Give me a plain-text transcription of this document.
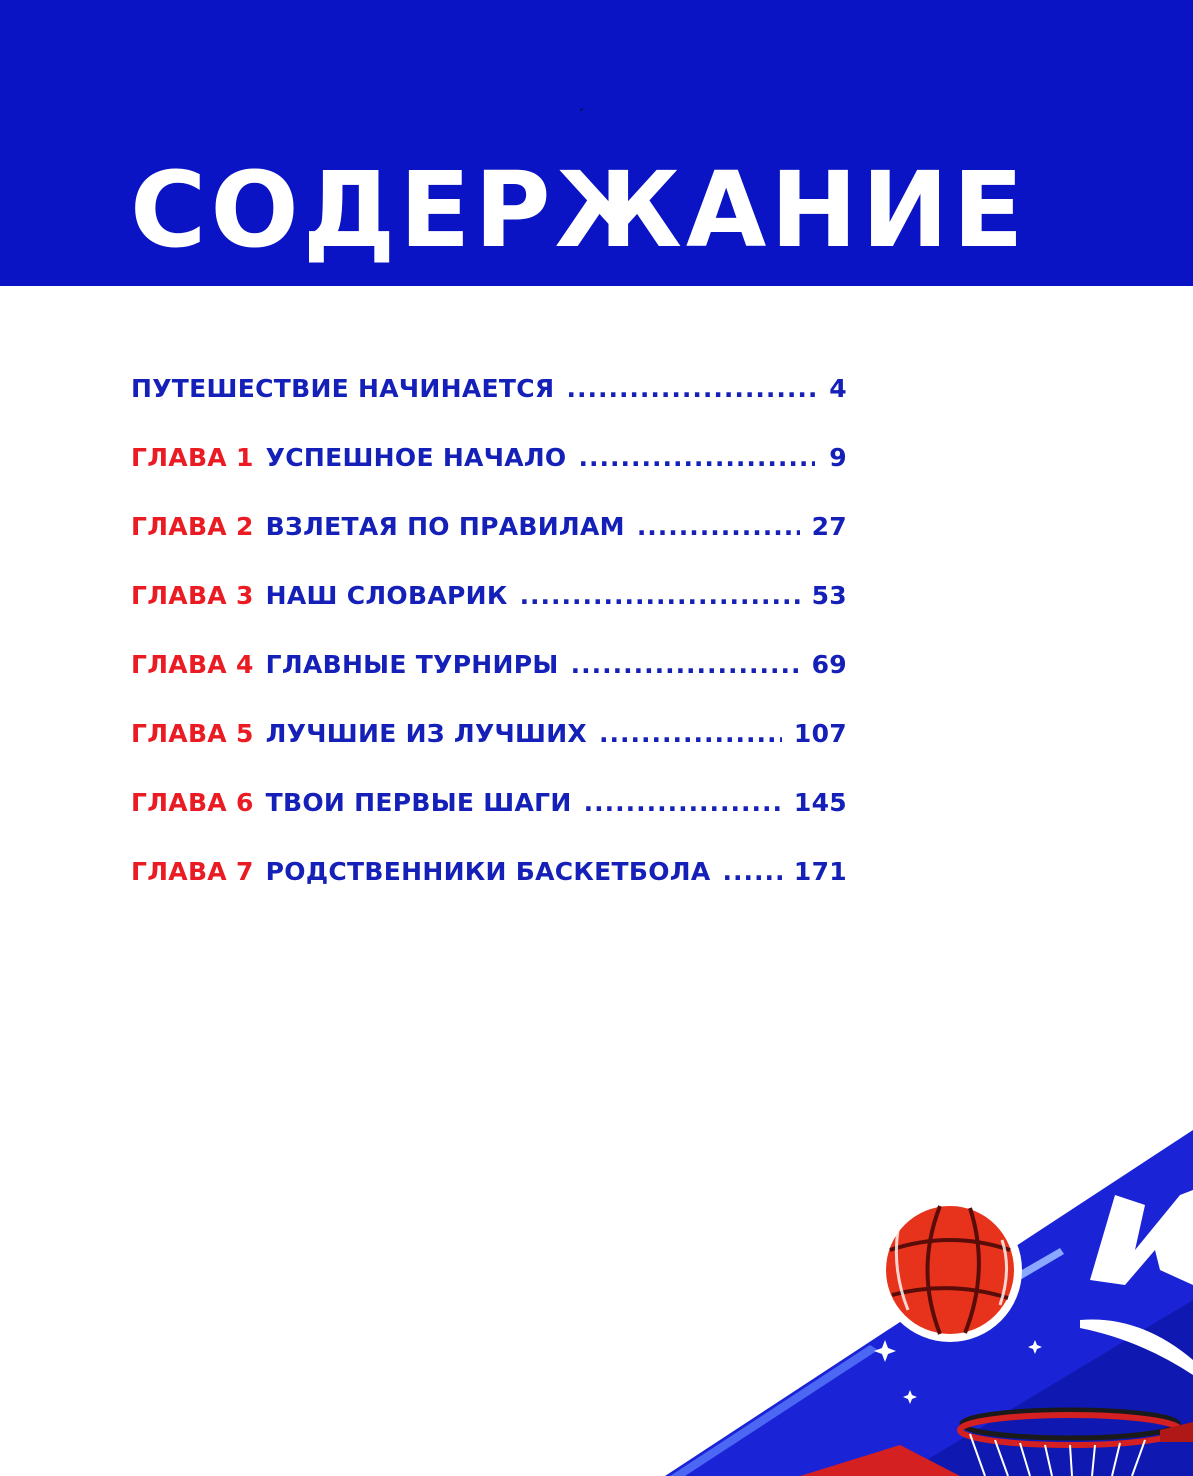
СОДЕРЖАНИЕ
ПУТЕШЕСТВИЕ НАЧИНАЕТСЯ .....	4
ГЛАВА 1 УСПЕШНОЕ НАЧАЛО .....	9
ГЛАВА 2 ВЗЛЕТАЯ ПО ПРАВИЛАМ .....	27
ГЛАВА 3 НАШ СЛОВАРИК .....	53
ГЛАВА 4 ГЛАВНЫЕ ТУРНИРЫ .....	69
ГЛАВА 5 ЛУЧШИЕ ИЗ ЛУЧШИХ .....	107
ГЛАВА 6 ТВОИ ПЕРВЫЕ ШАГИ .....	145
ГЛАВА 7 РОДСТВЕННИКИ БАСКЕТБОЛА .....	171
